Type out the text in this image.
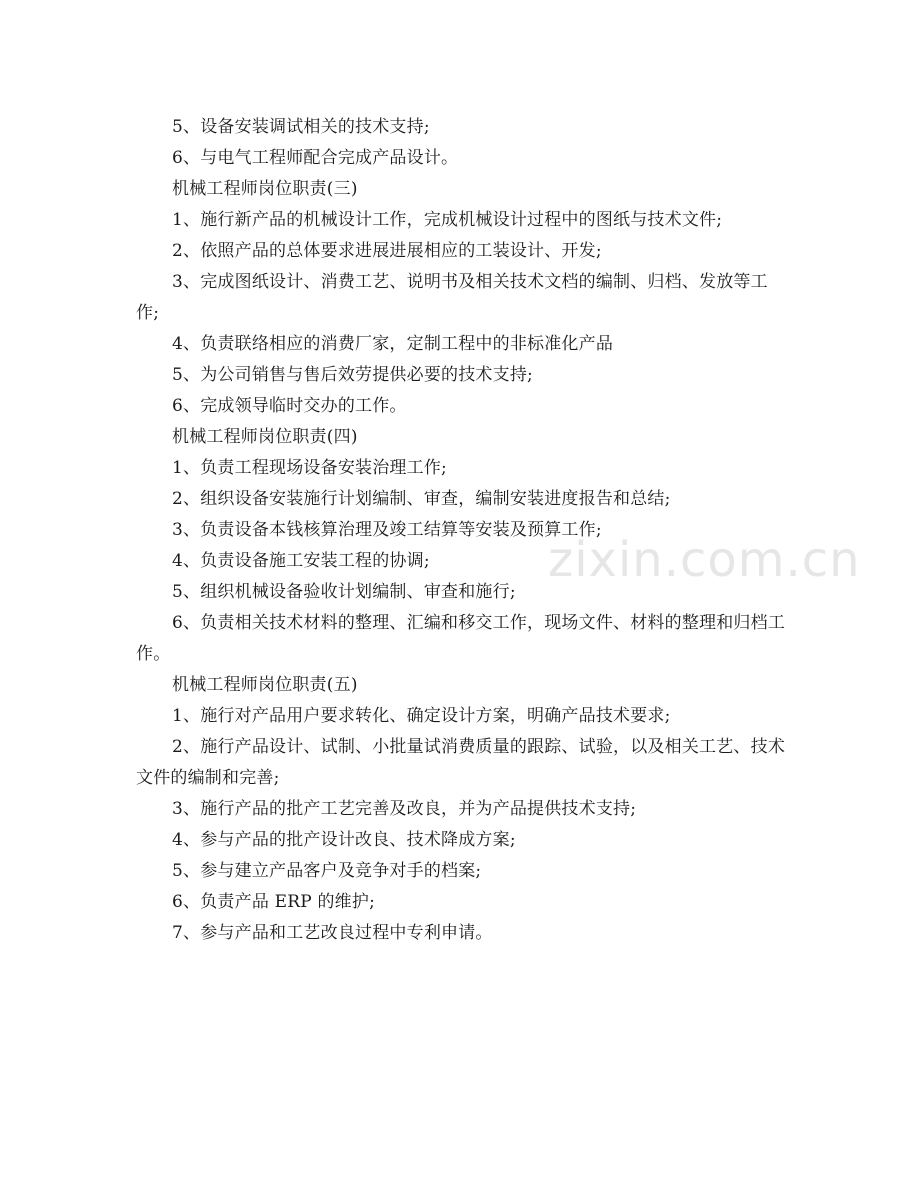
5、设备安装调试相关的技术支持;

6、与电气工程师配合完成产品设计。

机械工程师岗位职责(三)

1、施行新产品的机械设计工作，完成机械设计过程中的图纸与技术文件;

2、依照产品的总体要求进展进展相应的工装设计、开发;

3、完成图纸设计、消费工艺、说明书及相关技术文档的编制、归档、发放等工作;

4、负责联络相应的消费厂家，定制工程中的非标准化产品

5、为公司销售与售后效劳提供必要的技术支持;

6、完成领导临时交办的工作。

机械工程师岗位职责(四)

1、负责工程现场设备安装治理工作;

2、组织设备安装施行计划编制、审查，编制安装进度报告和总结;

3、负责设备本钱核算治理及竣工结算等安装及预算工作;

4、负责设备施工安装工程的协调;

5、组织机械设备验收计划编制、审查和施行;

6、负责相关技术材料的整理、汇编和移交工作，现场文件、材料的整理和归档工作。

机械工程师岗位职责(五)

1、施行对产品用户要求转化、确定设计方案，明确产品技术要求;

2、施行产品设计、试制、小批量试消费质量的跟踪、试验，以及相关工艺、技术文件的编制和完善;

3、施行产品的批产工艺完善及改良，并为产品提供技术支持;

4、参与产品的批产设计改良、技术降成方案;

5、参与建立产品客户及竞争对手的档案;

6、负责产品 ERP 的维护;

7、参与产品和工艺改良过程中专利申请。

zixin.com.cn
